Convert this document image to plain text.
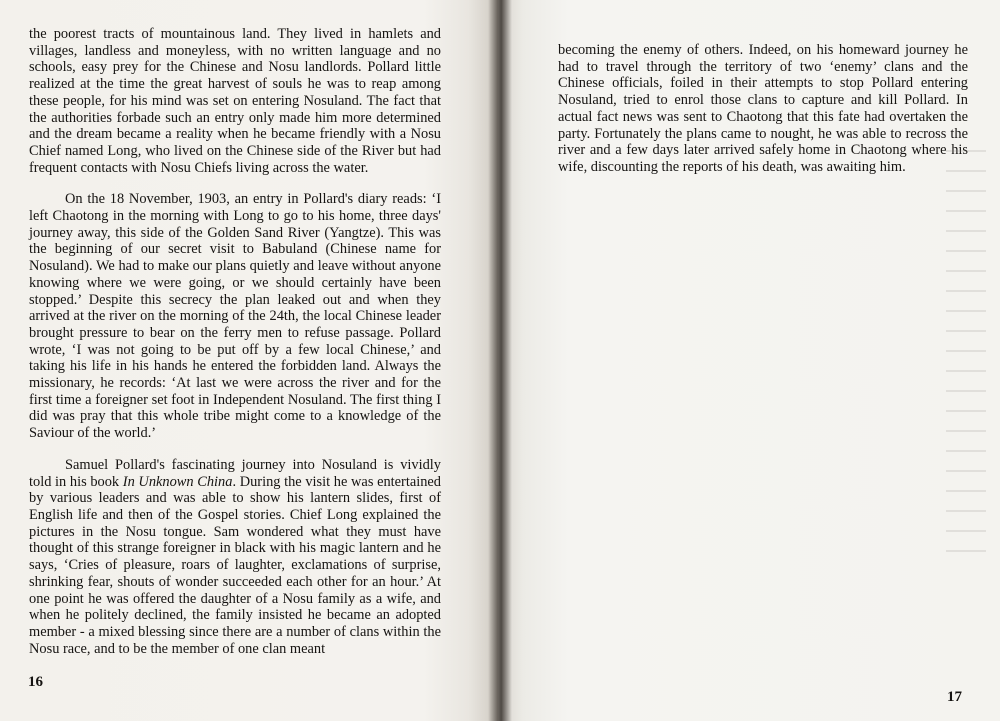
the poorest tracts of mountainous land. They lived in hamlets and villages, landless and moneyless, with no written language and no schools, easy prey for the Chinese and Nosu landlords. Pollard little realized at the time the great harvest of souls he was to reap among these people, for his mind was set on entering Nosuland. The fact that the authorities forbade such an entry only made him more determined and the dream became a reality when he became friendly with a Nosu Chief named Long, who lived on the Chinese side of the River but had frequent contacts with Nosu Chiefs living across the water.

On the 18 November, 1903, an entry in Pollard's diary reads: ‘I left Chaotong in the morning with Long to go to his home, three days' journey away, this side of the Golden Sand River (Yangtze). This was the beginning of our secret visit to Babuland (Chinese name for Nosuland). We had to make our plans quietly and leave without anyone knowing where we were going, or we should certainly have been stopped.’ Despite this secrecy the plan leaked out and when they arrived at the river on the morning of the 24th, the local Chinese leader brought pressure to bear on the ferry men to refuse passage. Pollard wrote, ‘I was not going to be put off by a few local Chinese,’ and taking his life in his hands he entered the forbidden land. Always the missionary, he records: ‘At last we were across the river and for the first time a foreigner set foot in Independent Nosuland. The first thing I did was pray that this whole tribe might come to a knowledge of the Saviour of the world.’

Samuel Pollard's fascinating journey into Nosuland is vividly told in his book In Unknown China. During the visit he was entertained by various leaders and was able to show his lantern slides, first of English life and then of the Gospel stories. Chief Long explained the pictures in the Nosu tongue. Sam wondered what they must have thought of this strange foreigner in black with his magic lantern and he says, ‘Cries of pleasure, roars of laughter, exclamations of surprise, shrinking fear, shouts of wonder succeeded each other for an hour.’ At one point he was offered the daughter of a Nosu family as a wife, and when he politely declined, the family insisted he became an adopted member - a mixed blessing since there are a number of clans within the Nosu race, and to be the member of one clan meant

16

becoming the enemy of others. Indeed, on his homeward journey he had to travel through the territory of two ‘enemy’ clans and the Chinese officials, foiled in their attempts to stop Pollard entering Nosuland, tried to enrol those clans to capture and kill Pollard. In actual fact news was sent to Chaotong that this fate had overtaken the party. Fortunately the plans came to nought, he was able to recross the river and a few days later arrived safely home in Chaotong where his wife, discounting the reports of his death, was awaiting him.

17
